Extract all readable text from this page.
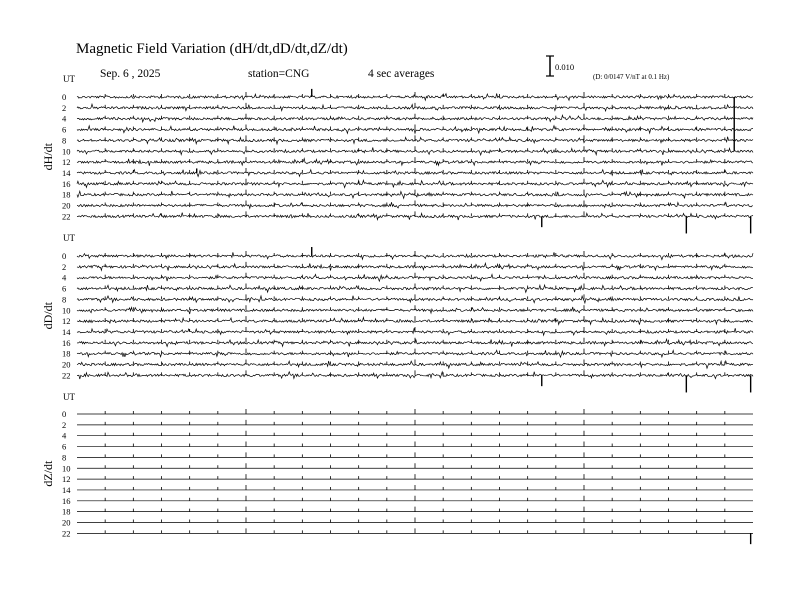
Magnetic Field Variation (dH/dt,dD/dt,dZ/dt)
Sep. 6 , 2025	station=CNG	4 sec averages
0.010
(D: 0/0147 V/nT at 0.1 Hz)
UT
dH/dt
0
2
4
6
8
10
12
14
16
18
20
22
UT
dD/dt
0
2
4
6
8
10
12
14
16
18
20
22
UT
dZ/dt
0
2
4
6
8
10
12
14
16
18
20
22
